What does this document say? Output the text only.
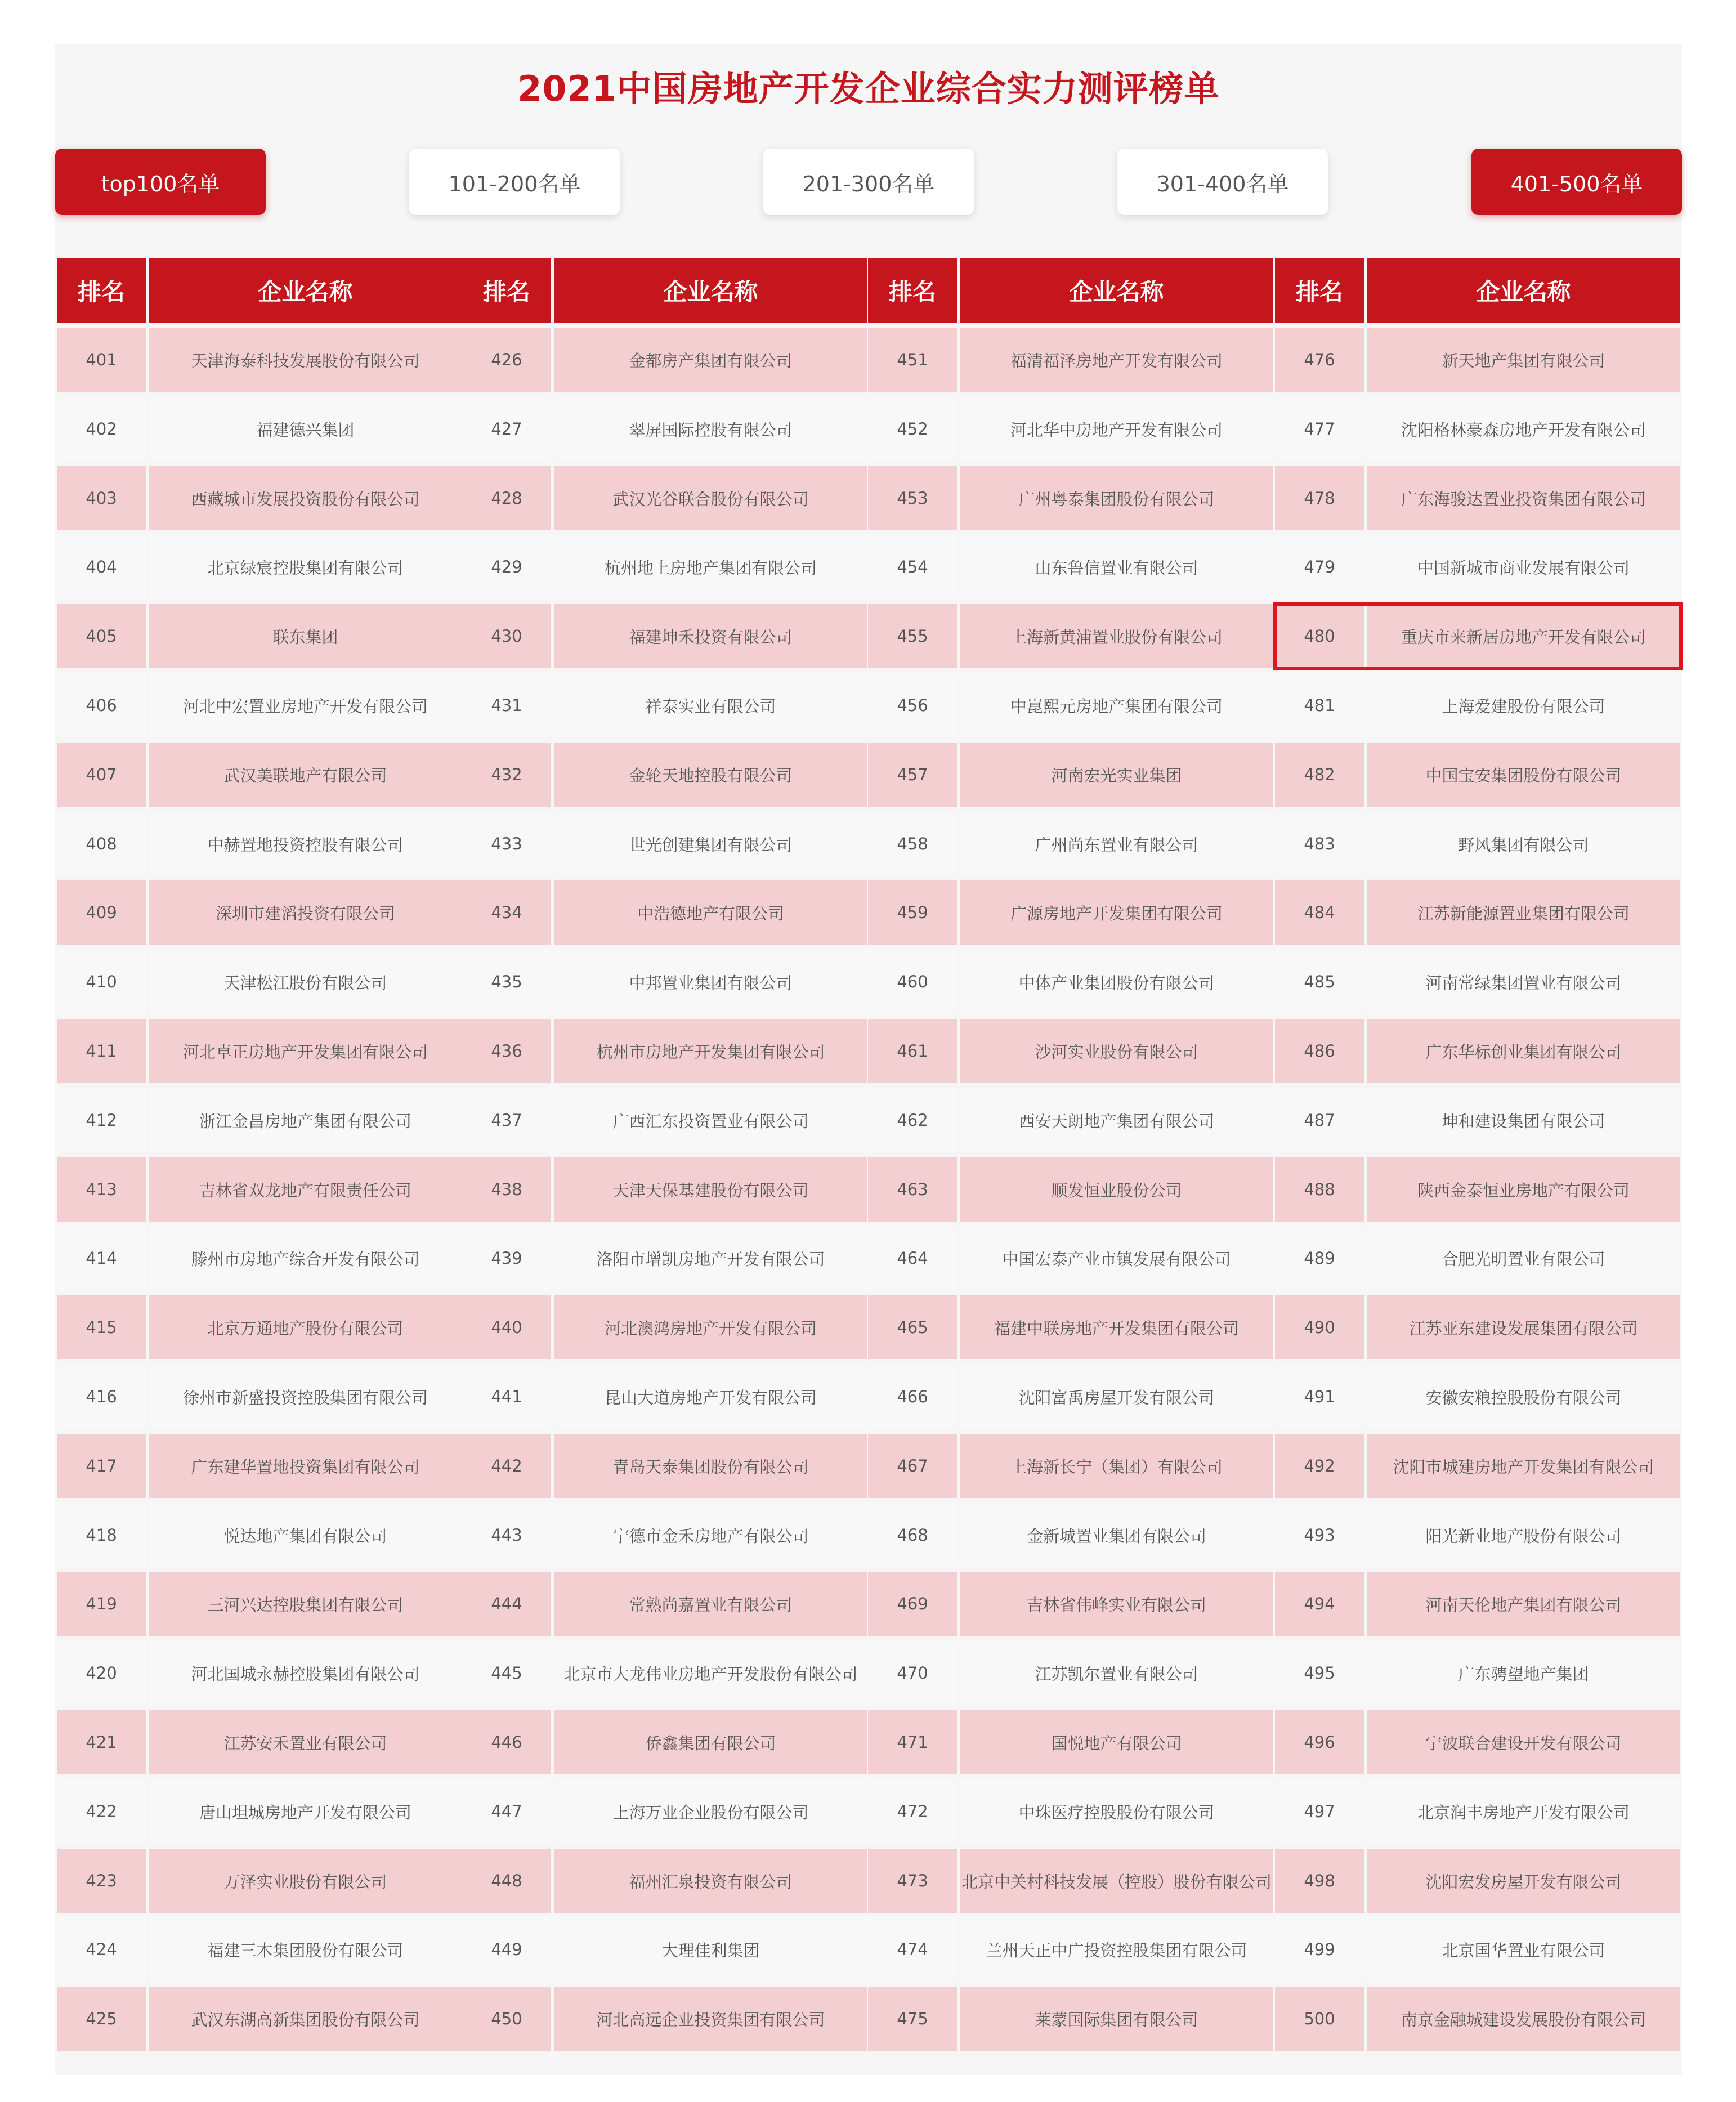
2021中国房地产开发企业综合实力测评榜单
top100名单	101-200名单	201-300名单	301-400名单	401-500名单
排名	企业名称
401	天津海泰科技发展股份有限公司
402	福建德兴集团
403	西藏城市发展投资股份有限公司
404	北京绿宸控股集团有限公司
405	联东集团
406	河北中宏置业房地产开发有限公司
407	武汉美联地产有限公司
408	中赫置地投资控股有限公司
409	深圳市建滔投资有限公司
410	天津松江股份有限公司
411	河北卓正房地产开发集团有限公司
412	浙江金昌房地产集团有限公司
413	吉林省双龙地产有限责任公司
414	滕州市房地产综合开发有限公司
415	北京万通地产股份有限公司
416	徐州市新盛投资控股集团有限公司
417	广东建华置地投资集团有限公司
418	悦达地产集团有限公司
419	三河兴达控股集团有限公司
420	河北国城永赫控股集团有限公司
421	江苏安禾置业有限公司
422	唐山坦城房地产开发有限公司
423	万泽实业股份有限公司
424	福建三木集团股份有限公司
425	武汉东湖高新集团股份有限公司
排名	企业名称
426	金都房产集团有限公司
427	翠屏国际控股有限公司
428	武汉光谷联合股份有限公司
429	杭州地上房地产集团有限公司
430	福建坤禾投资有限公司
431	祥泰实业有限公司
432	金轮天地控股有限公司
433	世光创建集团有限公司
434	中浩德地产有限公司
435	中邦置业集团有限公司
436	杭州市房地产开发集团有限公司
437	广西汇东投资置业有限公司
438	天津天保基建股份有限公司
439	洛阳市增凯房地产开发有限公司
440	河北澳鸿房地产开发有限公司
441	昆山大道房地产开发有限公司
442	青岛天泰集团股份有限公司
443	宁德市金禾房地产有限公司
444	常熟尚嘉置业有限公司
445	北京市大龙伟业房地产开发股份有限公司
446	侨鑫集团有限公司
447	上海万业企业股份有限公司
448	福州汇泉投资有限公司
449	大理佳利集团
450	河北高远企业投资集团有限公司
排名	企业名称
451	福清福泽房地产开发有限公司
452	河北华中房地产开发有限公司
453	广州粤泰集团股份有限公司
454	山东鲁信置业有限公司
455	上海新黄浦置业股份有限公司
456	中崑熙元房地产集团有限公司
457	河南宏光实业集团
458	广州尚东置业有限公司
459	广源房地产开发集团有限公司
460	中体产业集团股份有限公司
461	沙河实业股份有限公司
462	西安天朗地产集团有限公司
463	顺发恒业股份公司
464	中国宏泰产业市镇发展有限公司
465	福建中联房地产开发集团有限公司
466	沈阳富禹房屋开发有限公司
467	上海新长宁（集团）有限公司
468	金新城置业集团有限公司
469	吉林省伟峰实业有限公司
470	江苏凯尔置业有限公司
471	国悦地产有限公司
472	中珠医疗控股股份有限公司
473	北京中关村科技发展（控股）股份有限公司
474	兰州天正中广投资控股集团有限公司
475	莱蒙国际集团有限公司
排名	企业名称
476	新天地产集团有限公司
477	沈阳格林豪森房地产开发有限公司
478	广东海骏达置业投资集团有限公司
479	中国新城市商业发展有限公司
480	重庆市来新居房地产开发有限公司
481	上海爱建股份有限公司
482	中国宝安集团股份有限公司
483	野风集团有限公司
484	江苏新能源置业集团有限公司
485	河南常绿集团置业有限公司
486	广东华标创业集团有限公司
487	坤和建设集团有限公司
488	陕西金泰恒业房地产有限公司
489	合肥光明置业有限公司
490	江苏亚东建设发展集团有限公司
491	安徽安粮控股股份有限公司
492	沈阳市城建房地产开发集团有限公司
493	阳光新业地产股份有限公司
494	河南天伦地产集团有限公司
495	广东骋望地产集团
496	宁波联合建设开发有限公司
497	北京润丰房地产开发有限公司
498	沈阳宏发房屋开发有限公司
499	北京国华置业有限公司
500	南京金融城建设发展股份有限公司
